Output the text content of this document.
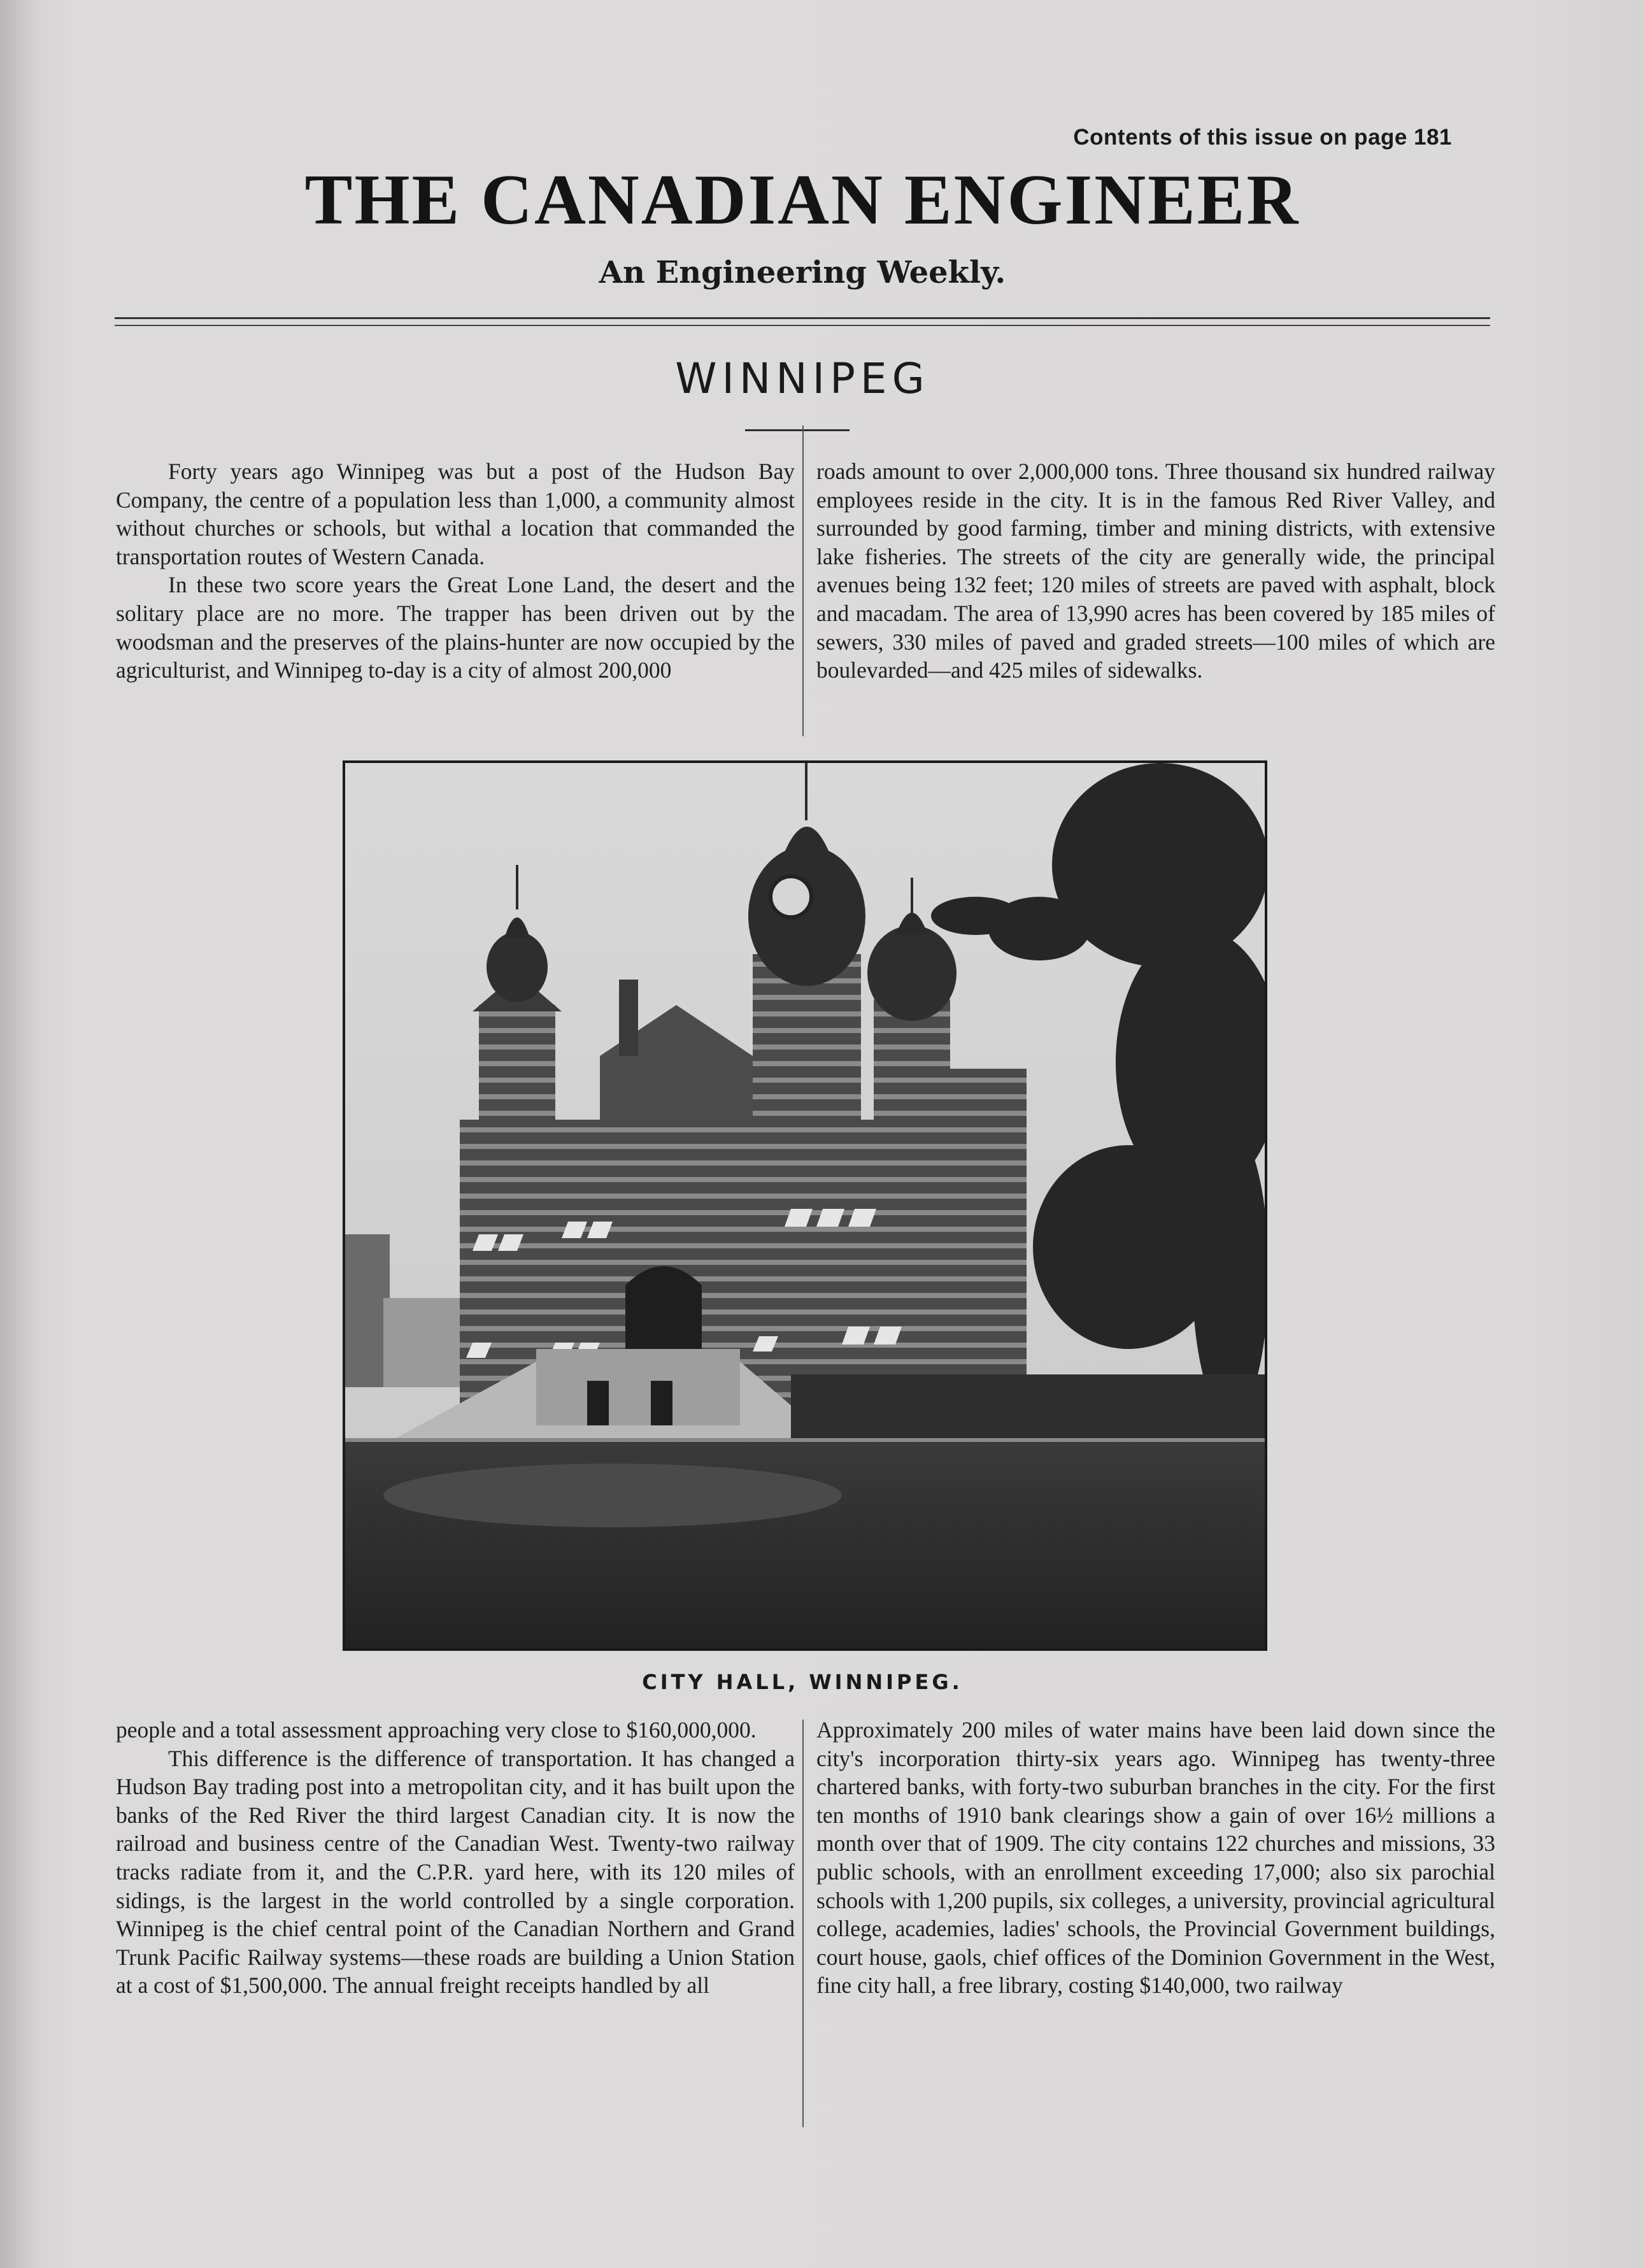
Contents of this issue on page 181
THE CANADIAN ENGINEER
An Engineering Weekly.
WINNIPEG

Forty years ago Winnipeg was but a post of the Hudson Bay Company, the centre of a population less than 1,000, a community almost without churches or schools, but withal a location that commanded the transportation routes of Western Canada.

In these two score years the Great Lone Land, the desert and the solitary place are no more. The trapper has been driven out by the woodsman and the preserves of the plains-hunter are now occupied by the agriculturist, and Winnipeg to-day is a city of almost 200,000

roads amount to over 2,000,000 tons. Three thousand six hundred railway employees reside in the city. It is in the famous Red River Valley, and surrounded by good farming, timber and mining districts, with extensive lake fisheries. The streets of the city are generally wide, the principal avenues being 132 feet; 120 miles of streets are paved with asphalt, block and macadam. The area of 13,990 acres has been covered by 185 miles of sewers, 330 miles of paved and graded streets—100 miles of which are boulevarded—and 425 miles of sidewalks.

CITY HALL, WINNIPEG.

people and a total assessment approaching very close to $160,000,000.

This difference is the difference of transportation. It has changed a Hudson Bay trading post into a metropolitan city, and it has built upon the banks of the Red River the third largest Canadian city. It is now the railroad and business centre of the Canadian West. Twenty-two railway tracks radiate from it, and the C.P.R. yard here, with its 120 miles of sidings, is the largest in the world controlled by a single corporation. Winnipeg is the chief central point of the Canadian Northern and Grand Trunk Pacific Railway systems—these roads are building a Union Station at a cost of $1,500,000. The annual freight receipts handled by all

Approximately 200 miles of water mains have been laid down since the city's incorporation thirty-six years ago. Winnipeg has twenty-three chartered banks, with forty-two suburban branches in the city. For the first ten months of 1910 bank clearings show a gain of over 16½ millions a month over that of 1909. The city contains 122 churches and missions, 33 public schools, with an enrollment exceeding 17,000; also six parochial schools with 1,200 pupils, six colleges, a university, provincial agricultural college, academies, ladies' schools, the Provincial Government buildings, court house, gaols, chief offices of the Dominion Government in the West, fine city hall, a free library, costing $140,000, two railway
